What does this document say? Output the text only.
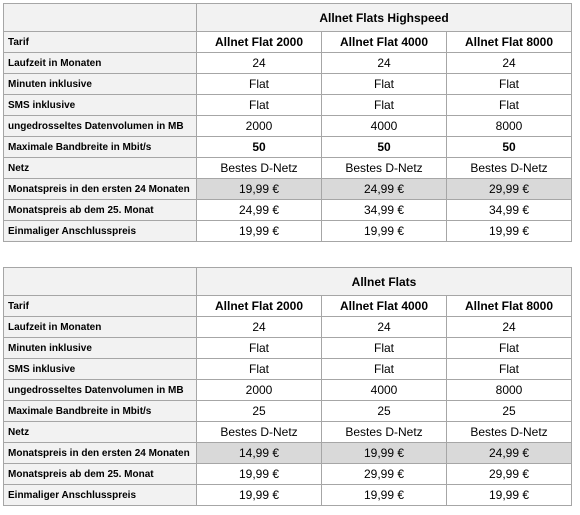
	Allnet Flats Highspeed		
Tarif	Allnet Flat 2000	Allnet Flat 4000	Allnet Flat 8000
Laufzeit in Monaten	24	24	24
Minuten inklusive	Flat	Flat	Flat
SMS inklusive	Flat	Flat	Flat
ungedrosseltes Datenvolumen in MB	2000	4000	8000
Maximale Bandbreite in Mbit/s	50	50	50
Netz	Bestes D-Netz	Bestes D-Netz	Bestes D-Netz
Monatspreis in den ersten 24 Monaten	19,99 €	24,99 €	29,99 €
Monatspreis ab dem 25. Monat	24,99 €	34,99 €	34,99 €
Einmaliger Anschlusspreis	19,99 €	19,99 €	19,99 €
	Allnet Flats		
Tarif	Allnet Flat 2000	Allnet Flat 4000	Allnet Flat 8000
Laufzeit in Monaten	24	24	24
Minuten inklusive	Flat	Flat	Flat
SMS inklusive	Flat	Flat	Flat
ungedrosseltes Datenvolumen in MB	2000	4000	8000
Maximale Bandbreite in Mbit/s	25	25	25
Netz	Bestes D-Netz	Bestes D-Netz	Bestes D-Netz
Monatspreis in den ersten 24 Monaten	14,99 €	19,99 €	24,99 €
Monatspreis ab dem 25. Monat	19,99 €	29,99 €	29,99 €
Einmaliger Anschlusspreis	19,99 €	19,99 €	19,99 €
